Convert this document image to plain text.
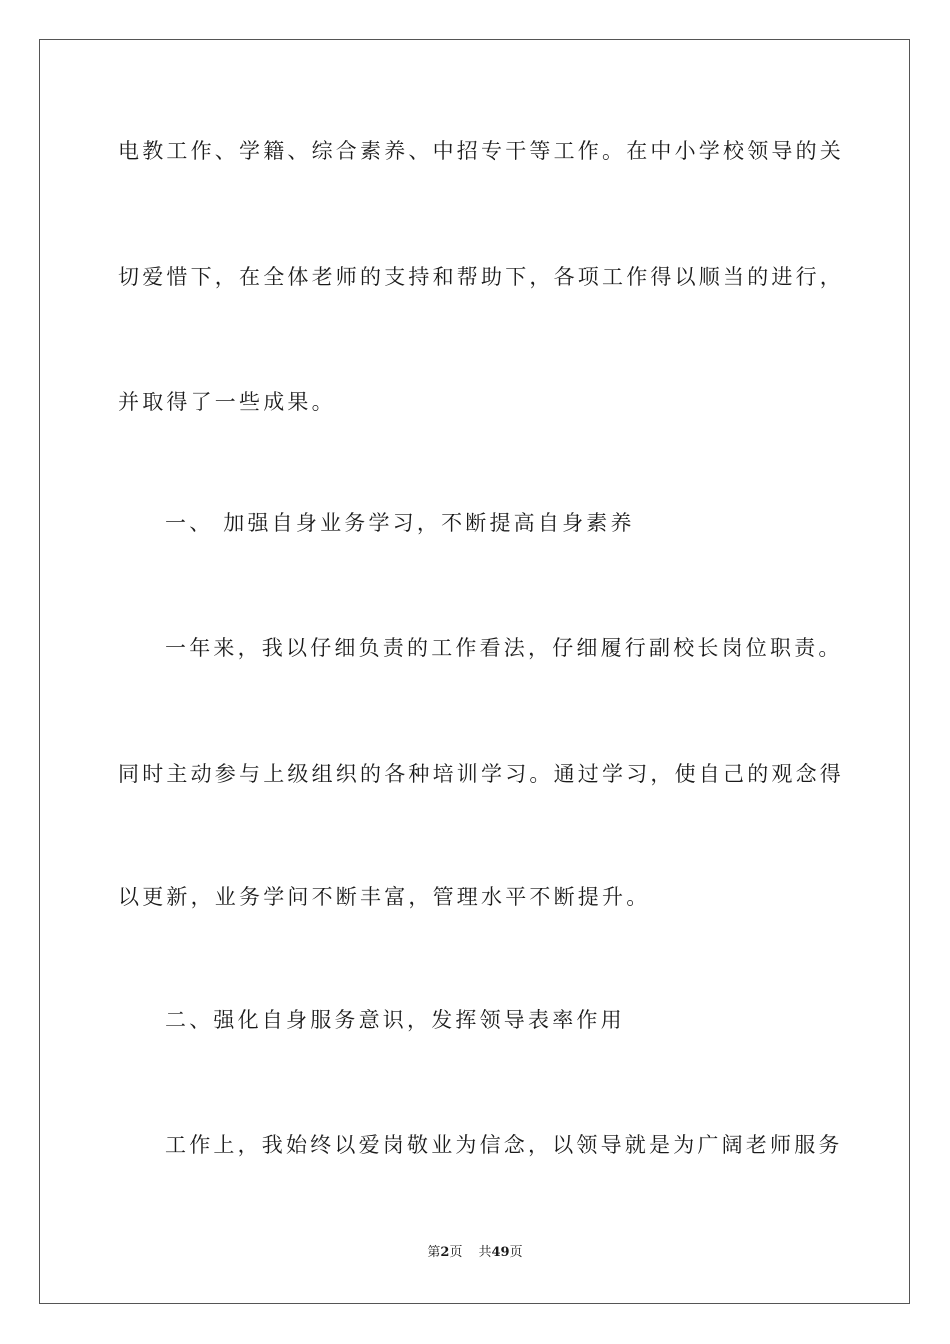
电教工作、学籍、综合素养、中招专干等工作。在中小学校领导的关
切爱惜下，在全体老师的支持和帮助下，各项工作得以顺当的进行，
并取得了一些成果。
一、 加强自身业务学习，不断提高自身素养
一年来，我以仔细负责的工作看法，仔细履行副校长岗位职责。
同时主动参与上级组织的各种培训学习。通过学习，使自己的观念得
以更新，业务学问不断丰富，管理水平不断提升。
二、强化自身服务意识，发挥领导表率作用
工作上，我始终以爱岗敬业为信念，以领导就是为广阔老师服务
第2页 共49页
